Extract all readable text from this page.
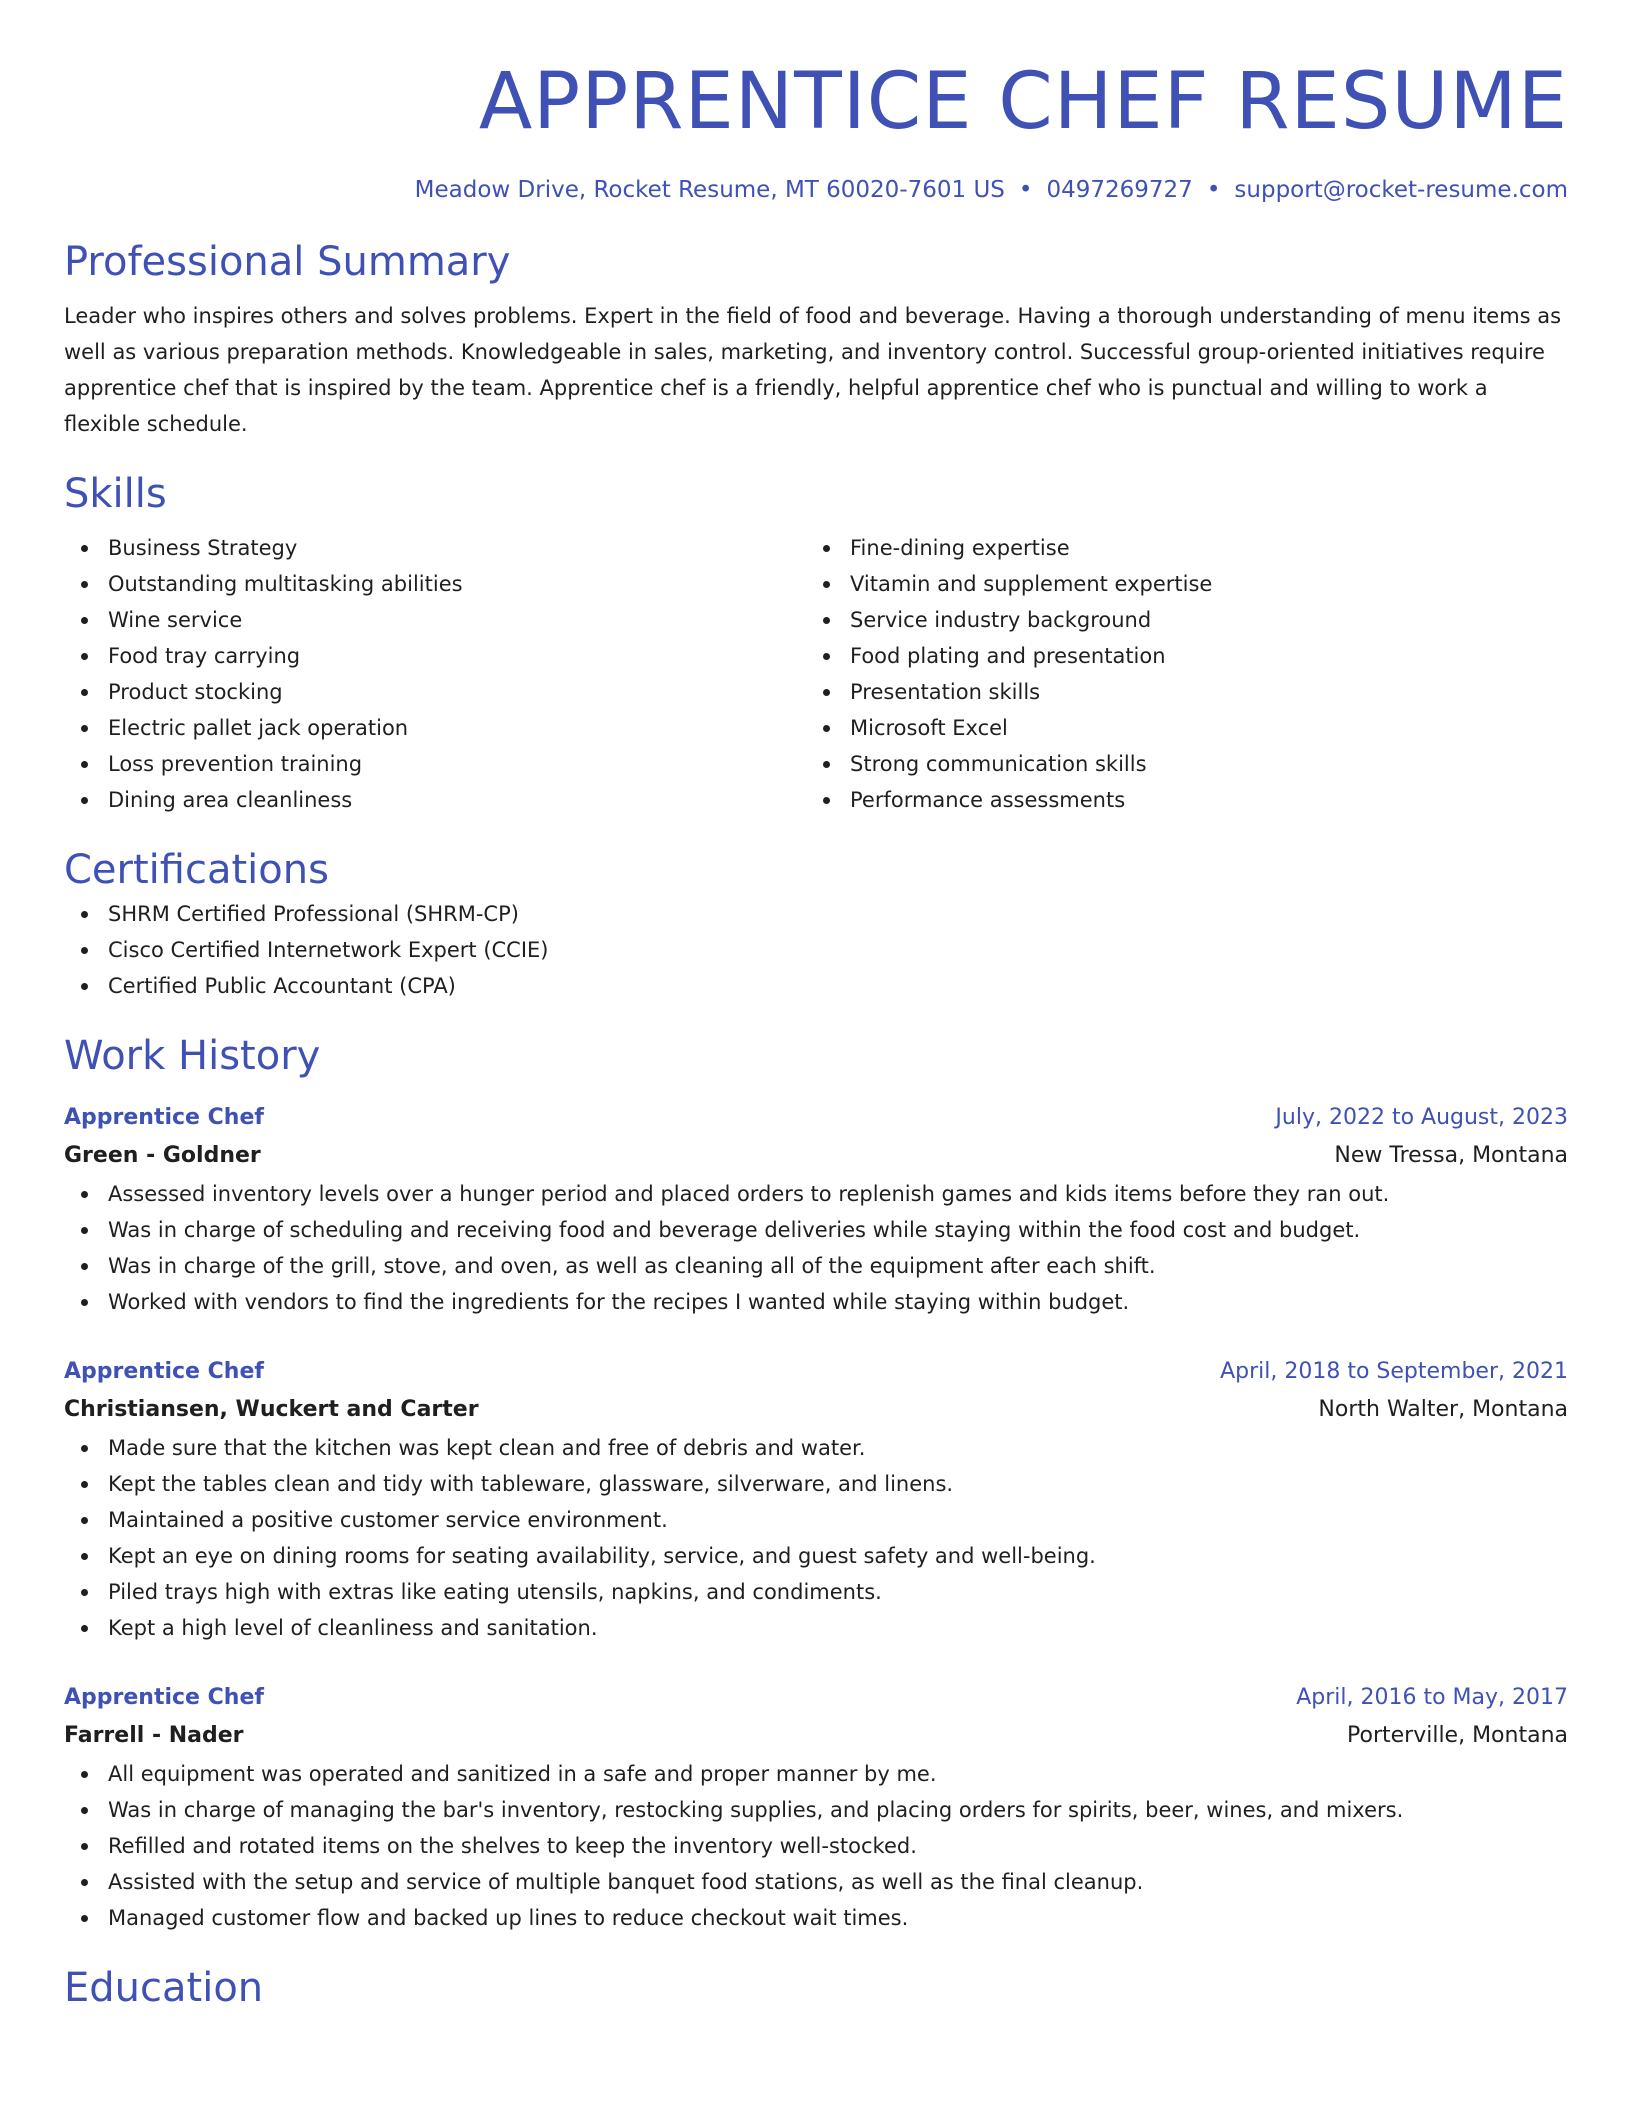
APPRENTICE CHEF RESUME
Meadow Drive, Rocket Resume, MT 60020-7601 US • 0497269727 • support@rocket-resume.com
Professional Summary
Leader who inspires others and solves problems. Expert in the field of food and beverage. Having a thorough understanding of menu items as well as various preparation methods. Knowledgeable in sales, marketing, and inventory control. Successful group-oriented initiatives require apprentice chef that is inspired by the team. Apprentice chef is a friendly, helpful apprentice chef who is punctual and willing to work a flexible schedule.
Skills
Business Strategy
Outstanding multitasking abilities
Wine service
Food tray carrying
Product stocking
Electric pallet jack operation
Loss prevention training
Dining area cleanliness
Fine-dining expertise
Vitamin and supplement expertise
Service industry background
Food plating and presentation
Presentation skills
Microsoft Excel
Strong communication skills
Performance assessments
Certifications
SHRM Certified Professional (SHRM-CP)
Cisco Certified Internetwork Expert (CCIE)
Certified Public Accountant (CPA)
Work History
Apprentice Chef	July, 2022 to August, 2023
Green - Goldner	New Tressa, Montana
Assessed inventory levels over a hunger period and placed orders to replenish games and kids items before they ran out.
Was in charge of scheduling and receiving food and beverage deliveries while staying within the food cost and budget.
Was in charge of the grill, stove, and oven, as well as cleaning all of the equipment after each shift.
Worked with vendors to find the ingredients for the recipes I wanted while staying within budget.
Apprentice Chef	April, 2018 to September, 2021
Christiansen, Wuckert and Carter	North Walter, Montana
Made sure that the kitchen was kept clean and free of debris and water.
Kept the tables clean and tidy with tableware, glassware, silverware, and linens.
Maintained a positive customer service environment.
Kept an eye on dining rooms for seating availability, service, and guest safety and well-being.
Piled trays high with extras like eating utensils, napkins, and condiments.
Kept a high level of cleanliness and sanitation.
Apprentice Chef	April, 2016 to May, 2017
Farrell - Nader	Porterville, Montana
All equipment was operated and sanitized in a safe and proper manner by me.
Was in charge of managing the bar's inventory, restocking supplies, and placing orders for spirits, beer, wines, and mixers.
Refilled and rotated items on the shelves to keep the inventory well-stocked.
Assisted with the setup and service of multiple banquet food stations, as well as the final cleanup.
Managed customer flow and backed up lines to reduce checkout wait times.
Education
